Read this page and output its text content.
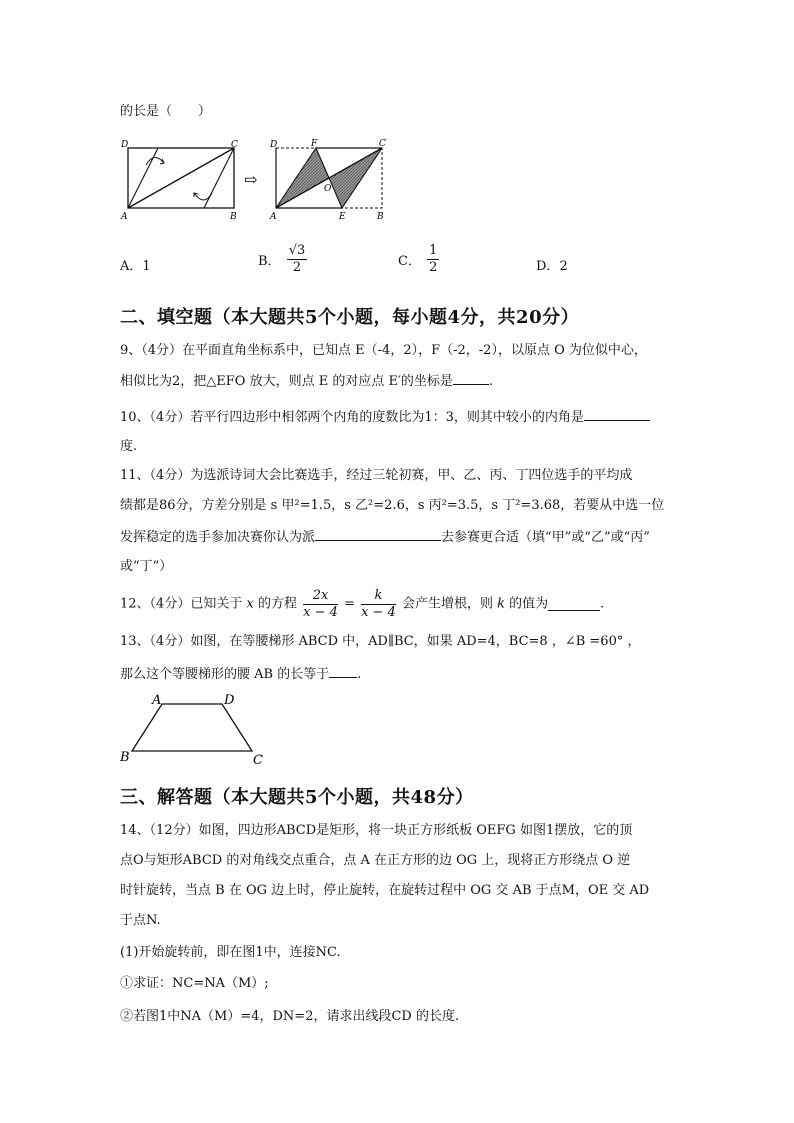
的长是（　　）
D	C
A	B
⇨
D	F	C
O
A	E	B
A．1	B． $\frac{√3}{2}$	C． $\frac{1}{2}$	D．2
二、填空题（本大题共5个小题，每小题4分，共20分）
9、（4分）在平面直角坐标系中，已知点 E（-4，2），F（-2，-2），以原点 O 为位似中心，
相似比为2，把△EFO 放大，则点 E 的对应点 E′的坐标是	.
10、（4分）若平行四边形中相邻两个内角的度数比为1：3，则其中较小的内角是
度.
11、（4分）为选派诗词大会比赛选手，经过三轮初赛，甲、乙、丙、丁四位选手的平均成
绩都是86分，方差分别是 s 甲²=1.5，s 乙²=2.6，s 丙²=3.5，s 丁²=3.68，若要从中选一位
发挥稳定的选手参加决赛你认为派	去参赛更合适（填“甲”或“乙”或“丙”
或“丁”）
12、（4分）已知关于 x 的方程 $\frac{2x}{x - 4} = \frac{k}{x - 4}$ 会产生增根，则 k 的值为	.
13、（4分）如图，在等腰梯形 ABCD 中，AD∥BC，如果 AD=4，BC=8 ，∠B =60° ，
那么这个等腰梯形的腰 AB 的长等于 .
A	D
B	C
三、解答题（本大题共5个小题，共48分）
14、（12分）如图，四边形ABCD是矩形，将一块正方形纸板 OEFG 如图1摆放，它的顶
点O与矩形ABCD 的对角线交点重合，点 A 在正方形的边 OG 上，现将正方形绕点 O 逆
时针旋转，当点 B 在 OG 边上时，停止旋转，在旋转过程中 OG 交 AB 于点M，OE 交 AD
于点N.
(1)开始旋转前，即在图1中，连接NC.
①求证：NC=NA（M）;
②若图1中NA（M）=4，DN=2，请求出线段CD 的长度.
